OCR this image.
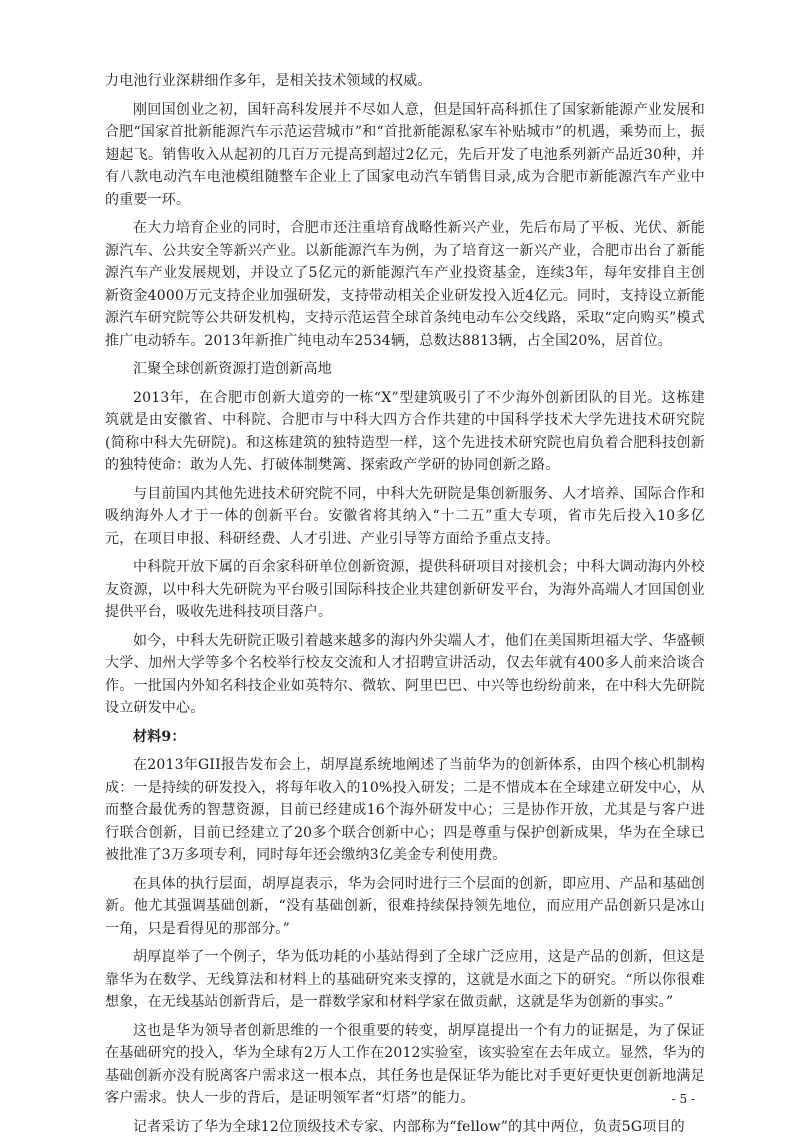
力电池行业深耕细作多年，是相关技术领域的权威。

刚回国创业之初，国轩高科发展并不尽如人意，但是国轩高科抓住了国家新能源产业发展和合肥“国家首批新能源汽车示范运营城市”和“首批新能源私家车补贴城市”的机遇，乘势而上，振翅起飞。销售收入从起初的几百万元提高到超过2亿元，先后开发了电池系列新产品近30种，并有八款电动汽车电池模组随整车企业上了国家电动汽车销售目录,成为合肥市新能源汽车产业中的重要一环。

在大力培育企业的同时，合肥市还注重培育战略性新兴产业，先后布局了平板、光伏、新能源汽车、公共安全等新兴产业。以新能源汽车为例，为了培育这一新兴产业，合肥市出台了新能源汽车产业发展规划，并设立了5亿元的新能源汽车产业投资基金，连续3年，每年安排自主创新资金4000万元支持企业加强研发，支持带动相关企业研发投入近4亿元。同时，支持设立新能源汽车研究院等公共研发机构，支持示范运营全球首条纯电动车公交线路，采取“定向购买”模式推广电动轿车。2013年新推广纯电动车2534辆，总数达8813辆，占全国20%，居首位。

汇聚全球创新资源打造创新高地

2013年，在合肥市创新大道旁的一栋“X”型建筑吸引了不少海外创新团队的目光。这栋建筑就是由安徽省、中科院、合肥市与中科大四方合作共建的中国科学技术大学先进技术研究院(简称中科大先研院)。和这栋建筑的独特造型一样，这个先进技术研究院也肩负着合肥科技创新的独特使命：敢为人先、打破体制樊篱、探索政产学研的协同创新之路。

与目前国内其他先进技术研究院不同，中科大先研院是集创新服务、人才培养、国际合作和吸纳海外人才于一体的创新平台。安徽省将其纳入“十二五”重大专项，省市先后投入10多亿元，在项目申报、科研经费、人才引进、产业引导等方面给予重点支持。

中科院开放下属的百余家科研单位创新资源，提供科研项目对接机会；中科大调动海内外校友资源，以中科大先研院为平台吸引国际科技企业共建创新研发平台，为海外高端人才回国创业提供平台，吸收先进科技项目落户。

如今，中科大先研院正吸引着越来越多的海内外尖端人才，他们在美国斯坦福大学、华盛顿大学、加州大学等多个名校举行校友交流和人才招聘宣讲活动，仅去年就有400多人前来洽谈合作。一批国内外知名科技企业如英特尔、微软、阿里巴巴、中兴等也纷纷前来，在中科大先研院设立研发中心。

材料9：

在2013年GII报告发布会上，胡厚崑系统地阐述了当前华为的创新体系，由四个核心机制构成：一是持续的研发投入，将每年收入的10%投入研发；二是不惜成本在全球建立研发中心，从而整合最优秀的智慧资源，目前已经建成16个海外研发中心；三是协作开放，尤其是与客户进行联合创新，目前已经建立了20多个联合创新中心；四是尊重与保护创新成果，华为在全球已被批准了3万多项专利，同时每年还会缴纳3亿美金专利使用费。

在具体的执行层面，胡厚崑表示，华为会同时进行三个层面的创新，即应用、产品和基础创新。他尤其强调基础创新，“没有基础创新，很难持续保持领先地位，而应用产品创新只是冰山一角，只是看得见的那部分。”

胡厚崑举了一个例子，华为低功耗的小基站得到了全球广泛应用，这是产品的创新，但这是靠华为在数学、无线算法和材料上的基础研究来支撑的，这就是水面之下的研究。“所以你很难想象，在无线基站创新背后，是一群数学家和材料学家在做贡献，这就是华为创新的事实。”

这也是华为领导者创新思维的一个很重要的转变，胡厚崑提出一个有力的证据是，为了保证在基础研究的投入，华为全球有2万人工作在2012实验室，该实验室在去年成立。显然，华为的基础创新亦没有脱离客户需求这一根本点，其任务也是保证华为能比对手更好更快更创新地满足客户需求。快人一步的背后，是证明领军者“灯塔”的能力。

记者采访了华为全球12位顶级技术专家、内部称为“fellow”的其中两位，负责5G项目的

- 5 -
